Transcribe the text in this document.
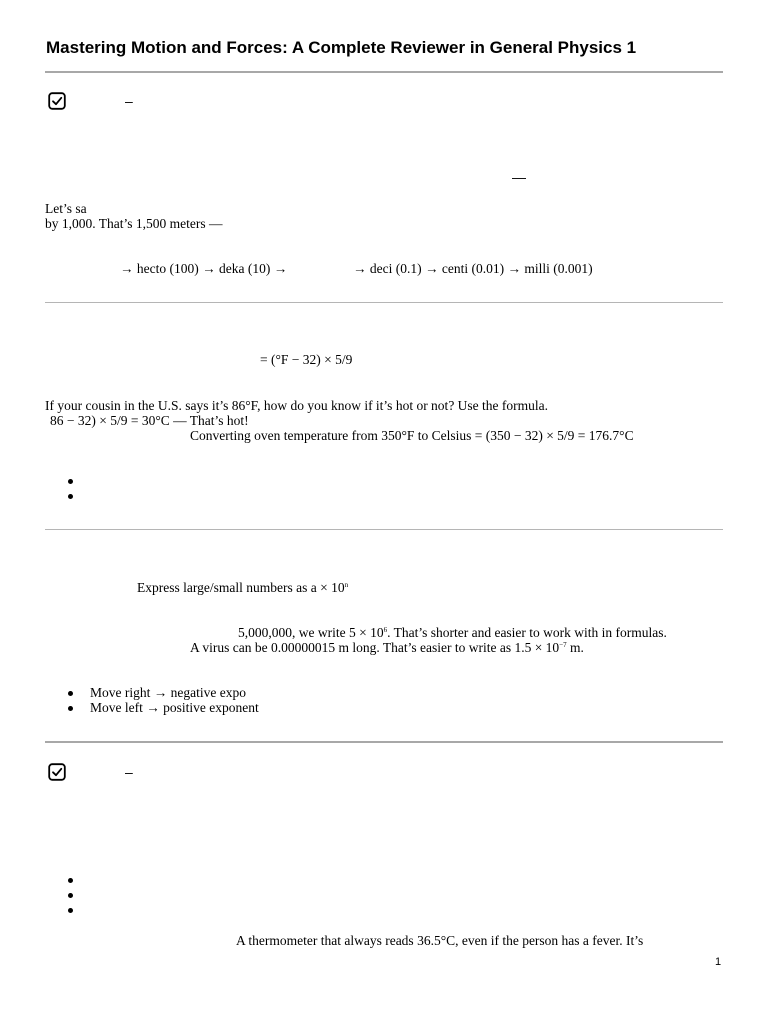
Mastering Motion and Forces: A Complete Reviewer in General Physics 1
–
—
Let’s sa
by 1,000. That’s 1,500 meters —
→ hecto (100) → deka (10) →	→ deci (0.1) → centi (0.01) → milli (0.001)
= (°F − 32) × 5/9
If your cousin in the U.S. says it’s 86°F, how do you know if it’s hot or not? Use the formula.
86 − 32) × 5/9 = 30°C — That’s hot!
Converting oven temperature from 350°F to Celsius = (350 − 32) × 5/9 = 176.7°C
Express large/small numbers as $a \times 10^n$
5,000,000, we write $5 \times 10^6$. That’s shorter and easier to work with in formulas.
A virus can be 0.00000015 m long. That’s easier to write as $1.5 \times 10^{-7}$ m.
Move right → negative expo
Move left → positive exponent
–
A thermometer that always reads 36.5°C, even if the person has a fever. It’s
1
